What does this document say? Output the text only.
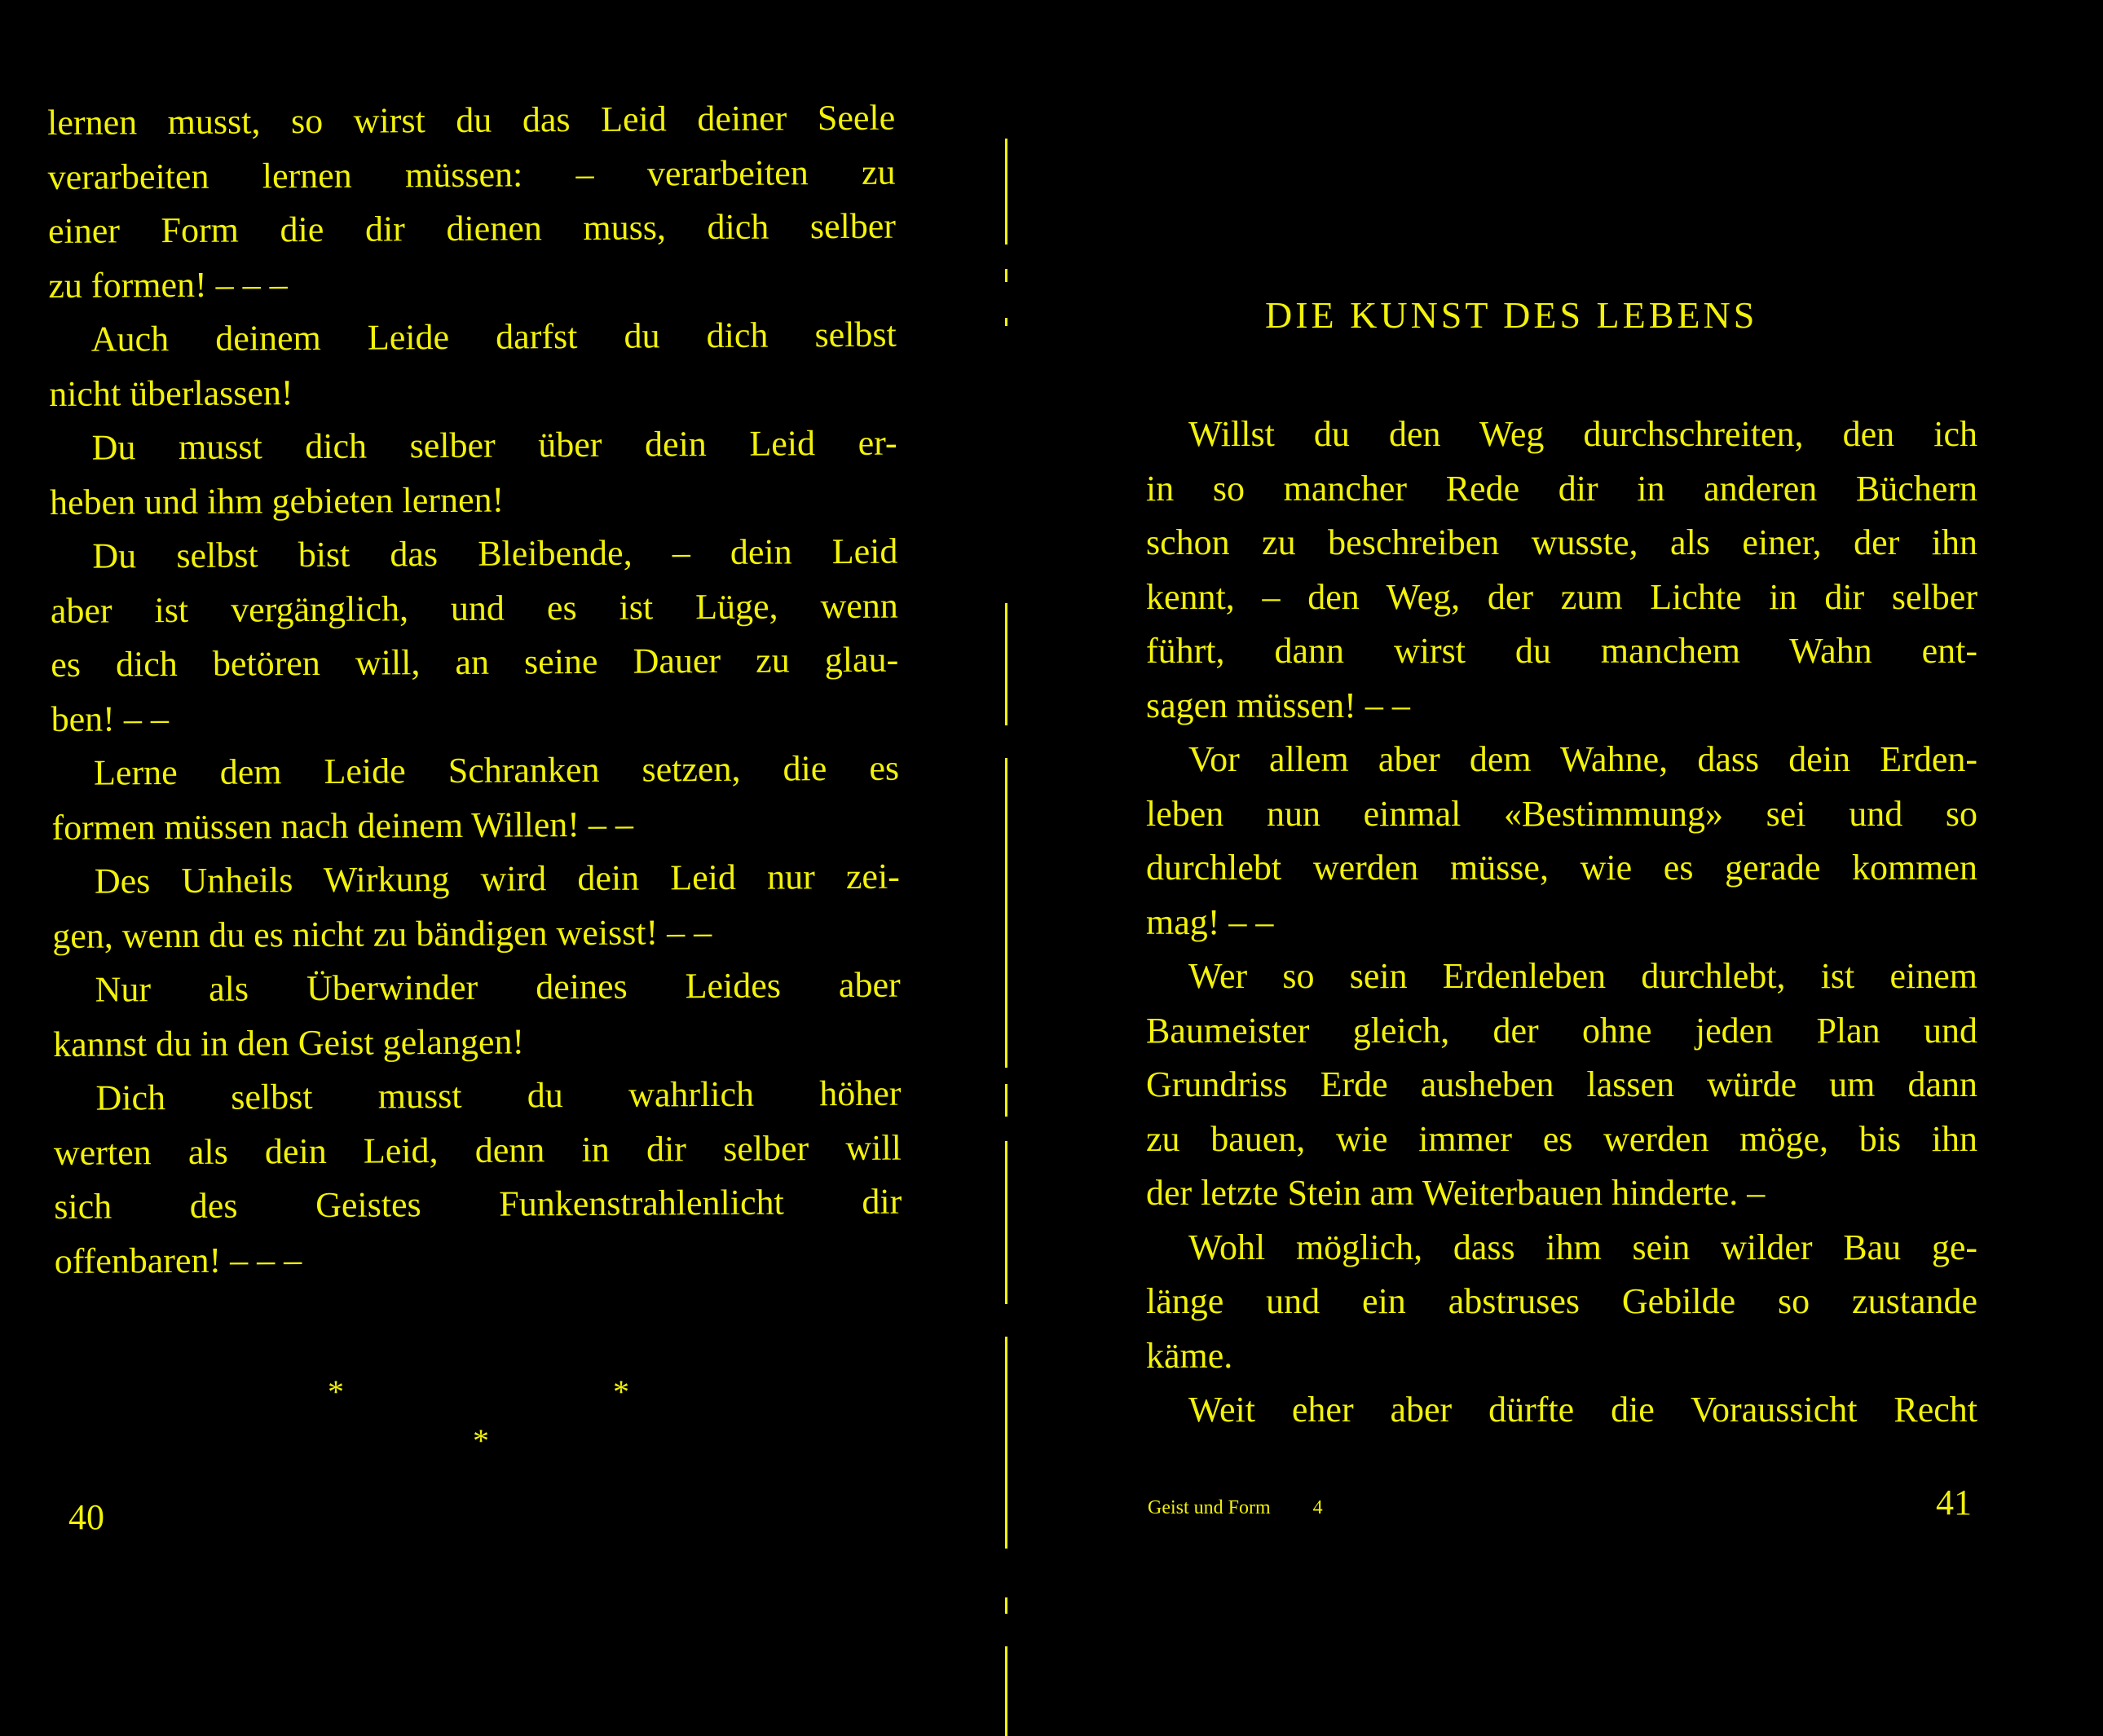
lernen musst, so wirst du das Leid deiner Seele
verarbeiten lernen müssen: – verarbeiten zu
einer Form die dir dienen muss, dich selber
zu formen! – – –
Auch deinem Leide darfst du dich selbst
nicht überlassen!
Du musst dich selber über dein Leid er-
heben und ihm gebieten lernen!
Du selbst bist das Bleibende, – dein Leid
aber ist vergänglich, und es ist Lüge, wenn
es dich betören will, an seine Dauer zu glau-
ben! – –
Lerne dem Leide Schranken setzen, die es
formen müssen nach deinem Willen! – –
Des Unheils Wirkung wird dein Leid nur zei-
gen, wenn du es nicht zu bändigen weisst! – –
Nur als Überwinder deines Leides aber
kannst du in den Geist gelangen!
Dich selbst musst du wahrlich höher
werten als dein Leid, denn in dir selber will
sich des Geistes Funkenstrahlenlicht dir
offenbaren! – – –
*	*
*
40
DIE KUNST DES LEBENS
Willst du den Weg durchschreiten, den ich
in so mancher Rede dir in anderen Büchern
schon zu beschreiben wusste, als einer, der ihn
kennt, – den Weg, der zum Lichte in dir selber
führt, dann wirst du manchem Wahn ent-
sagen müssen! – –
Vor allem aber dem Wahne, dass dein Erden-
leben nun einmal «Bestimmung» sei und so
durchlebt werden müsse, wie es gerade kommen
mag! – –
Wer so sein Erdenleben durchlebt, ist einem
Baumeister gleich, der ohne jeden Plan und
Grundriss Erde ausheben lassen würde um dann
zu bauen, wie immer es werden möge, bis ihn
der letzte Stein am Weiterbauen hinderte. –
Wohl möglich, dass ihm sein wilder Bau ge-
länge und ein abstruses Gebilde so zustande
käme.
Weit eher aber dürfte die Voraussicht Recht
Geist und Form 4	41
